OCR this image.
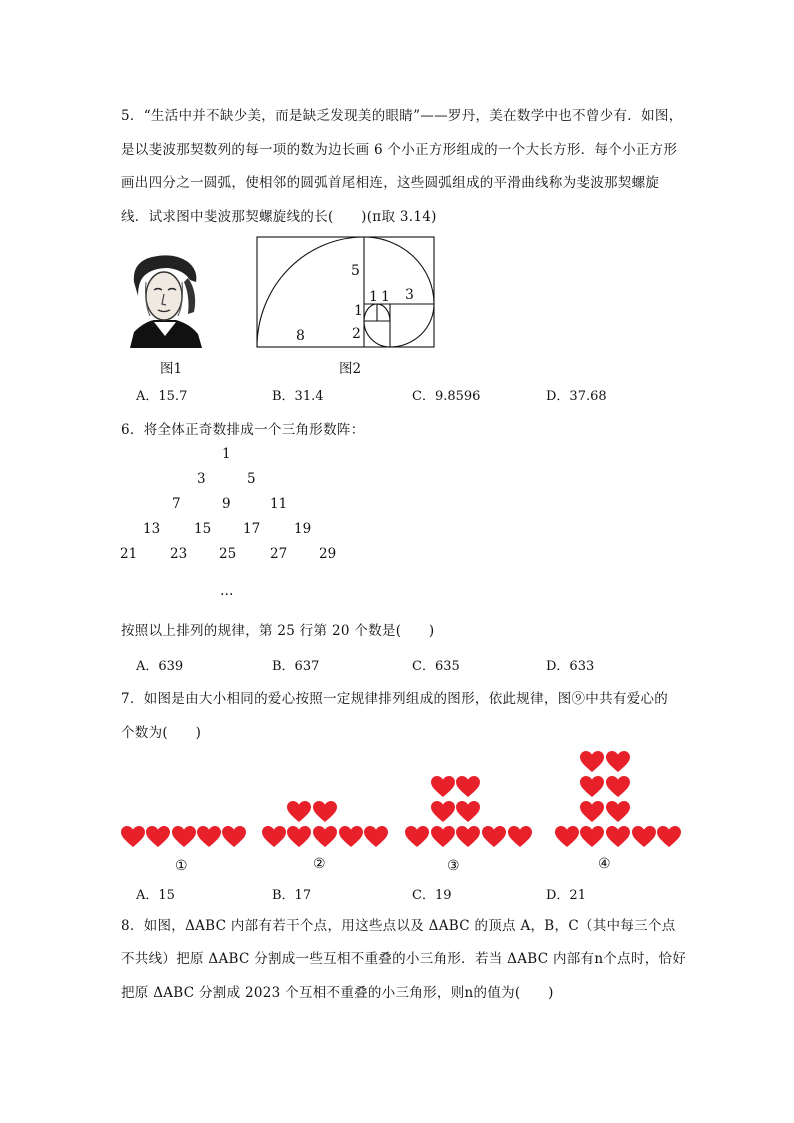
5．“生活中并不缺少美，而是缺乏发现美的眼睛”——罗丹，美在数学中也不曾少有．如图，
是以斐波那契数列的每一项的数为边长画 6 个小正方形组成的一个大长方形．每个小正方形
画出四分之一圆弧，使相邻的圆弧首尾相连，这些圆弧组成的平滑曲线称为斐波那契螺旋
线．试求图中斐波那契螺旋线的长(　　)(π取 3.14)
图1
5
1
1 1 3
2
8
图2
A．15.7	B．31.4	C．9.8596	D．37.68
6．将全体正奇数排成一个三角形数阵：
1
3	5
7	9	11
13	15 17	19
21 23 25	27 29
…
按照以上排列的规律，第 25 行第 20 个数是(　　)
A．639	B．637	C．635	D．633
7．如图是由大小相同的爱心按照一定规律排列组成的图形，依此规律，图⑨中共有爱心的
个数为(　　)
①	②	③	④
A．15	B．17	C．19	D．21
8．如图，ΔABC 内部有若干个点，用这些点以及 ΔABC 的顶点 A，B，C（其中每三个点
不共线）把原 ΔABC 分割成一些互相不重叠的小三角形．若当 ΔABC 内部有n个点时，恰好
把原 ΔABC 分割成 2023 个互相不重叠的小三角形，则n的值为(　　)
